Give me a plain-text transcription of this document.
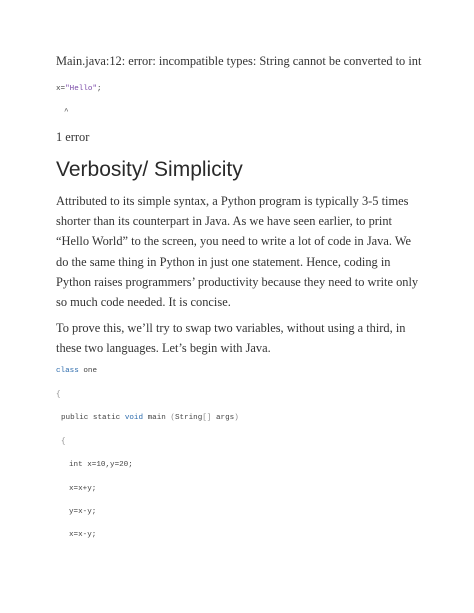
Main.java:12: error: incompatible types: String cannot be converted to int
x="Hello";
^
1 error
Verbosity/ Simplicity

Attributed to its simple syntax, a Python program is typically 3-5 times shorter than its counterpart in Java. As we have seen earlier, to print “Hello World” to the screen, you need to write a lot of code in Java. We do the same thing in Python in just one statement. Hence, coding in Python raises programmers’ productivity because they need to write only so much code needed. It is concise.

To prove this, we’ll try to swap two variables, without using a third, in these two languages. Let’s begin with Java.

class one
{
public static void main (String[] args)
{
int x=10,y=20;
x=x+y;
y=x-y;
x=x-y;
